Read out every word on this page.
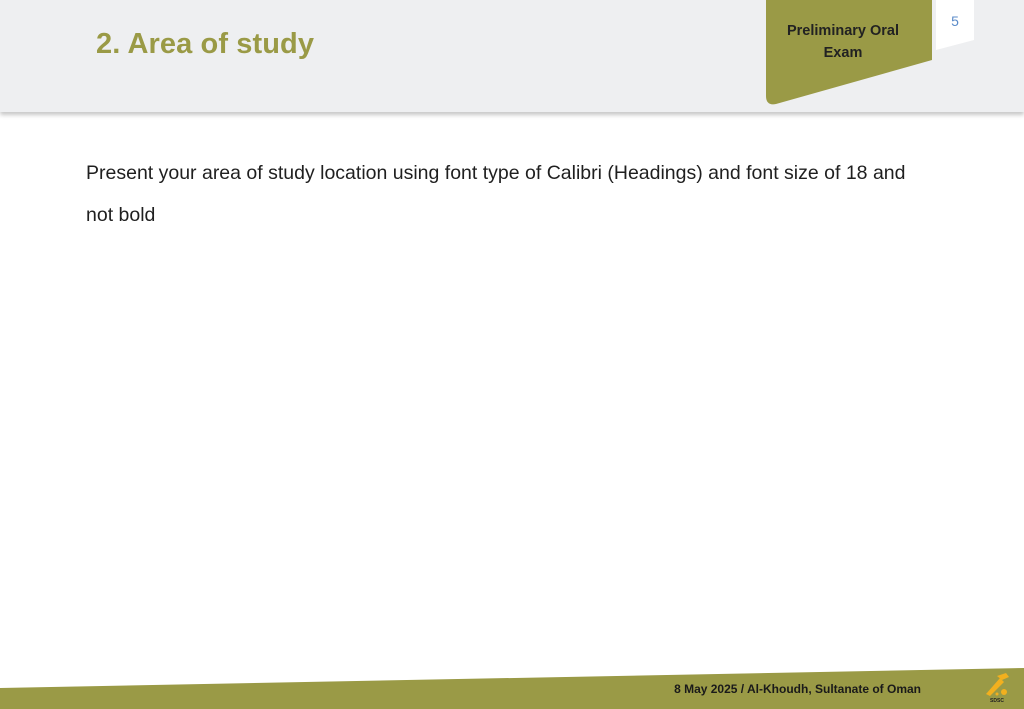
2. Area of study	Preliminary Oral
Exam
5

Present your area of study location using font type of Calibri (Headings) and font size of 18 and not bold

8 May 2025 / Al-Khoudh, Sultanate of Oman
SDSC
